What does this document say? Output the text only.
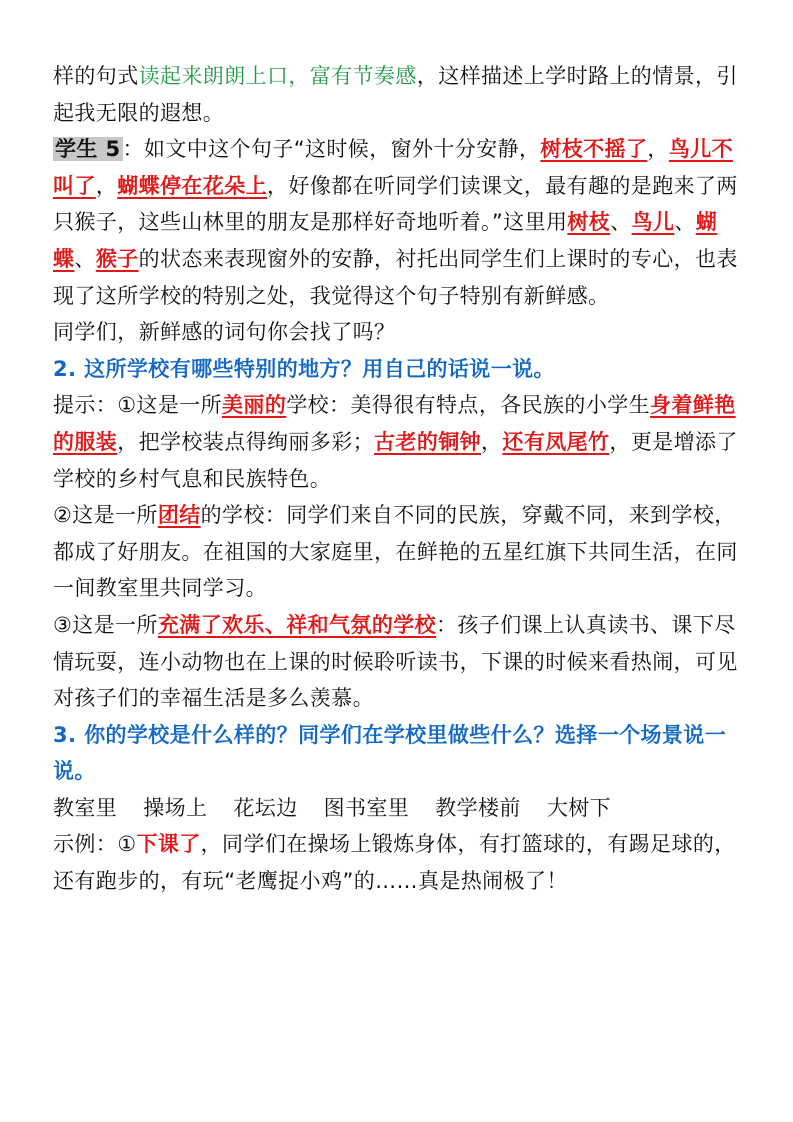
样的句式读起来朗朗上口，富有节奏感，这样描述上学时路上的情景，引起我无限的遐想。

学生 5：如文中这个句子“这时候，窗外十分安静，树枝不摇了，鸟儿不叫了，蝴蝶停在花朵上，好像都在听同学们读课文，最有趣的是跑来了两只猴子，这些山林里的朋友是那样好奇地听着。”这里用树枝、鸟儿、蝴蝶、猴子的状态来表现窗外的安静，衬托出同学生们上课时的专心，也表现了这所学校的特别之处，我觉得这个句子特别有新鲜感。

同学们，新鲜感的词句你会找了吗？

2. 这所学校有哪些特别的地方？用自己的话说一说。

提示：①这是一所美丽的学校：美得很有特点，各民族的小学生身着鲜艳的服装，把学校装点得绚丽多彩；古老的铜钟，还有凤尾竹，更是增添了学校的乡村气息和民族特色。

②这是一所团结的学校：同学们来自不同的民族，穿戴不同，来到学校，都成了好朋友。在祖国的大家庭里，在鲜艳的五星红旗下共同生活，在同一间教室里共同学习。

③这是一所充满了欢乐、祥和气氛的学校：孩子们课上认真读书、课下尽情玩耍，连小动物也在上课的时候聆听读书，下课的时候来看热闹，可见对孩子们的幸福生活是多么羡慕。

3. 你的学校是什么样的？同学们在学校里做些什么？选择一个场景说一说。

教室里 操场上 花坛边 图书室里 教学楼前 大树下

示例：①下课了，同学们在操场上锻炼身体，有打篮球的，有踢足球的，还有跑步的，有玩“老鹰捉小鸡”的……真是热闹极了！
